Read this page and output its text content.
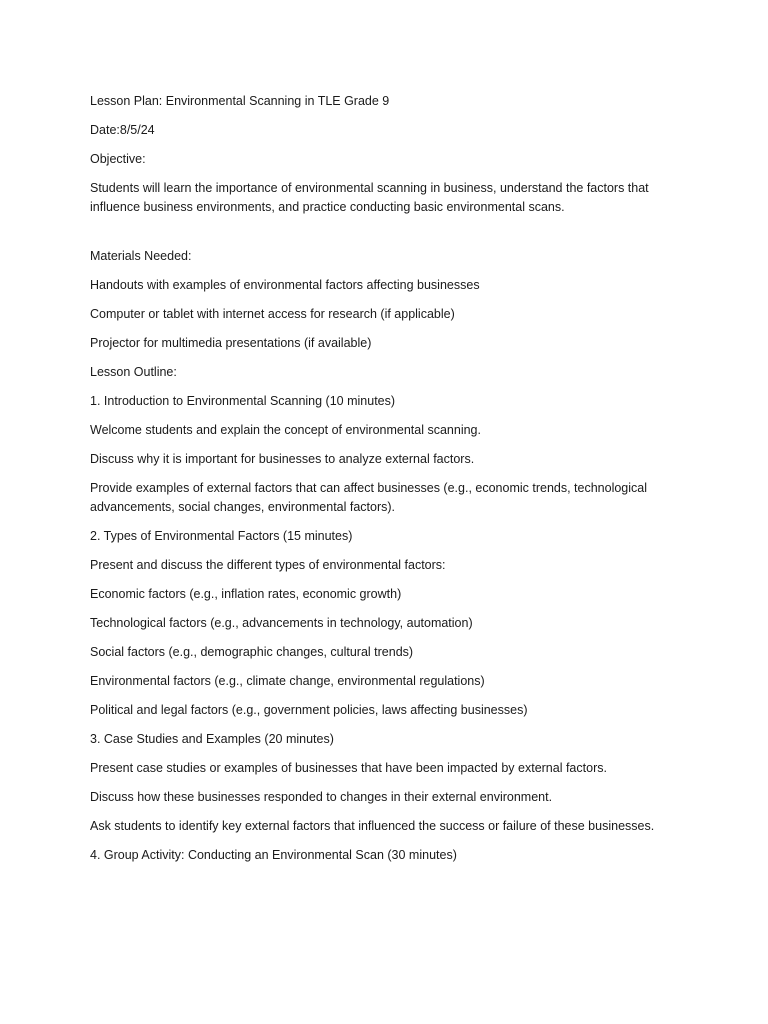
Lesson Plan: Environmental Scanning in TLE Grade 9

Date:8/5/24

Objective:

Students will learn the importance of environmental scanning in business, understand the factors that influence business environments, and practice conducting basic environmental scans.

Materials Needed:

Handouts with examples of environmental factors affecting businesses

Computer or tablet with internet access for research (if applicable)

Projector for multimedia presentations (if available)

Lesson Outline:

1. Introduction to Environmental Scanning (10 minutes)

Welcome students and explain the concept of environmental scanning.

Discuss why it is important for businesses to analyze external factors.

Provide examples of external factors that can affect businesses (e.g., economic trends, technological advancements, social changes, environmental factors).

2. Types of Environmental Factors (15 minutes)

Present and discuss the different types of environmental factors:

Economic factors (e.g., inflation rates, economic growth)

Technological factors (e.g., advancements in technology, automation)

Social factors (e.g., demographic changes, cultural trends)

Environmental factors (e.g., climate change, environmental regulations)

Political and legal factors (e.g., government policies, laws affecting businesses)

3. Case Studies and Examples (20 minutes)

Present case studies or examples of businesses that have been impacted by external factors.

Discuss how these businesses responded to changes in their external environment.

Ask students to identify key external factors that influenced the success or failure of these businesses.

4. Group Activity: Conducting an Environmental Scan (30 minutes)
